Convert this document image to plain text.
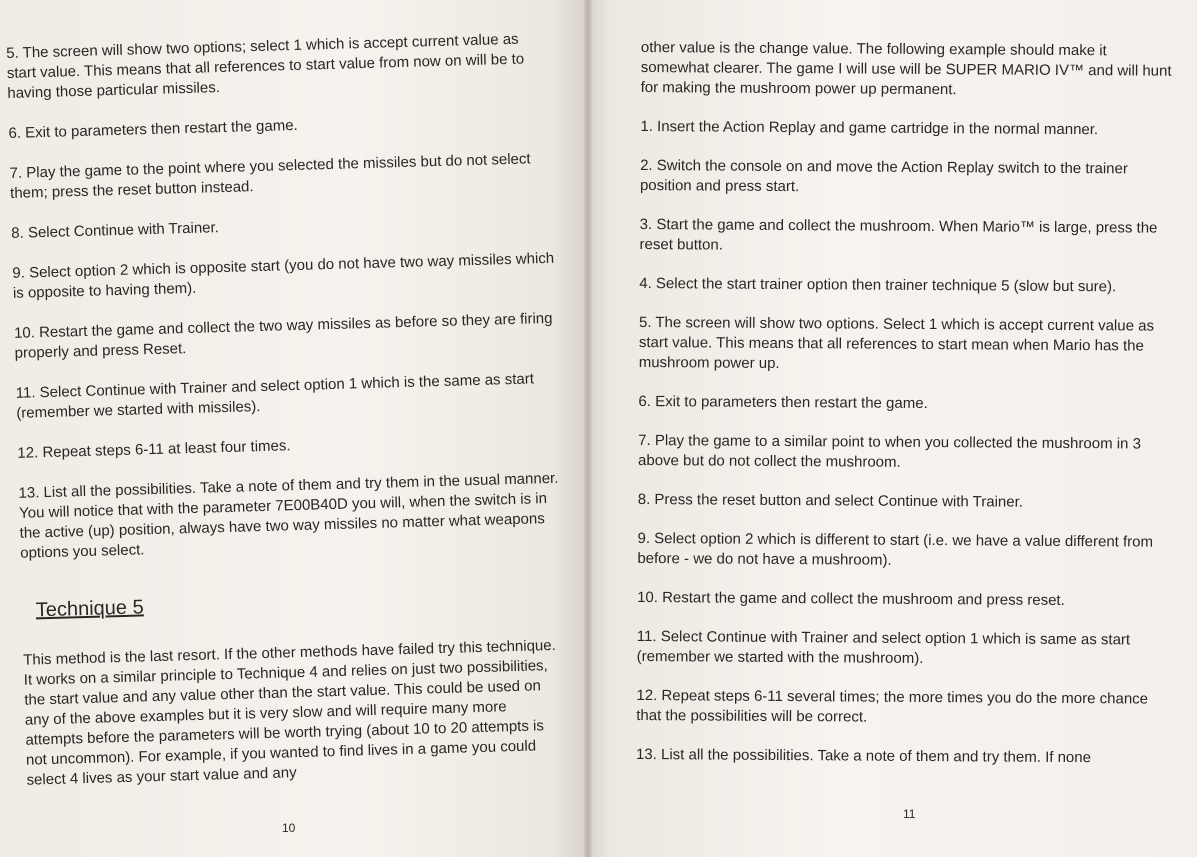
5. The screen will show two options; select 1 which is accept current value as start value. This means that all references to start value from now on will be to having those particular missiles.

6. Exit to parameters then restart the game.

7. Play the game to the point where you selected the missiles but do not select them; press the reset button instead.

8. Select Continue with Trainer.

9. Select option 2 which is opposite start (you do not have two way missiles which is opposite to having them).

10. Restart the game and collect the two way missiles as before so they are firing properly and press Reset.

11. Select Continue with Trainer and select option 1 which is the same as start (remember we started with missiles).

12. Repeat steps 6-11 at least four times.

13. List all the possibilities. Take a note of them and try them in the usual manner. You will notice that with the parameter 7E00B40D you will, when the switch is in the active (up) position, always have two way missiles no matter what weapons options you select.

Technique 5

This method is the last resort. If the other methods have failed try this technique. It works on a similar principle to Technique 4 and relies on just two possibilities, the start value and any value other than the start value. This could be used on any of the above examples but it is very slow and will require many more attempts before the parameters will be worth trying (about 10 to 20 attempts is not uncommon). For example, if you wanted to find lives in a game you could select 4 lives as your start value and any

other value is the change value. The following example should make it somewhat clearer. The game I will use will be SUPER MARIO IV™ and will hunt for making the mushroom power up permanent.

1. Insert the Action Replay and game cartridge in the normal manner.

2. Switch the console on and move the Action Replay switch to the trainer position and press start.

3. Start the game and collect the mushroom. When Mario™ is large, press the reset button.

4. Select the start trainer option then trainer technique 5 (slow but sure).

5. The screen will show two options. Select 1 which is accept current value as start value. This means that all references to start mean when Mario has the mushroom power up.

6. Exit to parameters then restart the game.

7. Play the game to a similar point to when you collected the mushroom in 3 above but do not collect the mushroom.

8. Press the reset button and select Continue with Trainer.

9. Select option 2 which is different to start (i.e. we have a value different from before - we do not have a mushroom).

10. Restart the game and collect the mushroom and press reset.

11. Select Continue with Trainer and select option 1 which is same as start (remember we started with the mushroom).

12. Repeat steps 6-11 several times; the more times you do the more chance that the possibilities will be correct.

13. List all the possibilities. Take a note of them and try them. If none

10
11
